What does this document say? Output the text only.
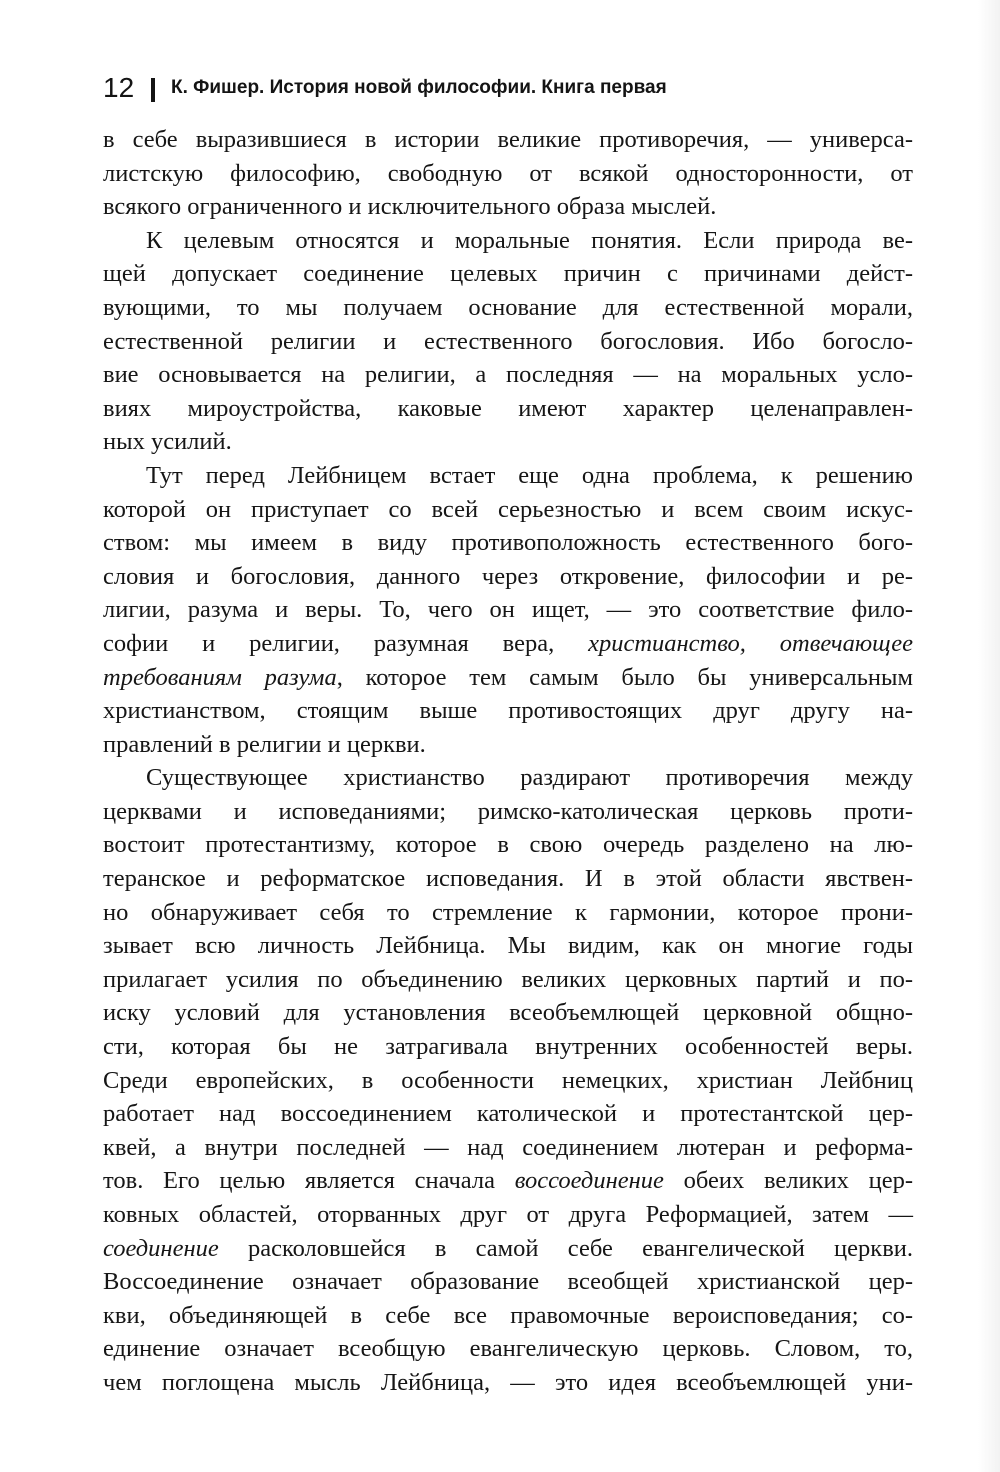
12 К. Фишер. История новой философии. Книга первая
в себе выразившиеся в истории великие противоречия, — универса-
листскую философию, свободную от всякой односторонности, от
всякого ограниченного и исключительного образа мыслей.
К целевым относятся и моральные понятия. Если природа ве-
щей допускает соединение целевых причин с причинами дейст-
вующими, то мы получаем основание для естественной морали,
естественной религии и естественного богословия. Ибо богосло-
вие основывается на религии, а последняя — на моральных усло-
виях мироустройства, каковые имеют характер целенаправлен-
ных усилий.
Тут перед Лейбницем встает еще одна проблема, к решению
которой он приступает со всей серьезностью и всем своим искус-
ством: мы имеем в виду противоположность естественного бого-
словия и богословия, данного через откровение, философии и ре-
лигии, разума и веры. То, чего он ищет, — это соответствие фило-
софии и религии, разумная вера, христианство, отвечающее
требованиям разума, которое тем самым было бы универсальным
христианством, стоящим выше противостоящих друг другу на-
правлений в религии и церкви.
Существующее христианство раздирают противоречия между
церквами и исповеданиями; римско-католическая церковь проти-
востоит протестантизму, которое в свою очередь разделено на лю-
теранское и реформатское исповедания. И в этой области явствен-
но обнаруживает себя то стремление к гармонии, которое прони-
зывает всю личность Лейбница. Мы видим, как он многие годы
прилагает усилия по объединению великих церковных партий и по-
иску условий для установления всеобъемлющей церковной общно-
сти, которая бы не затрагивала внутренних особенностей веры.
Среди европейских, в особенности немецких, христиан Лейбниц
работает над воссоединением католической и протестантской цер-
квей, а внутри последней — над соединением лютеран и реформа-
тов. Его целью является сначала воссоединение обеих великих цер-
ковных областей, оторванных друг от друга Реформацией, затем —
соединение расколовшейся в самой себе евангелической церкви.
Воссоединение означает образование всеобщей христианской цер-
кви, объединяющей в себе все правомочные вероисповедания; со-
единение означает всеобщую евангелическую церковь. Словом, то,
чем поглощена мысль Лейбница, — это идея всеобъемлющей уни-
